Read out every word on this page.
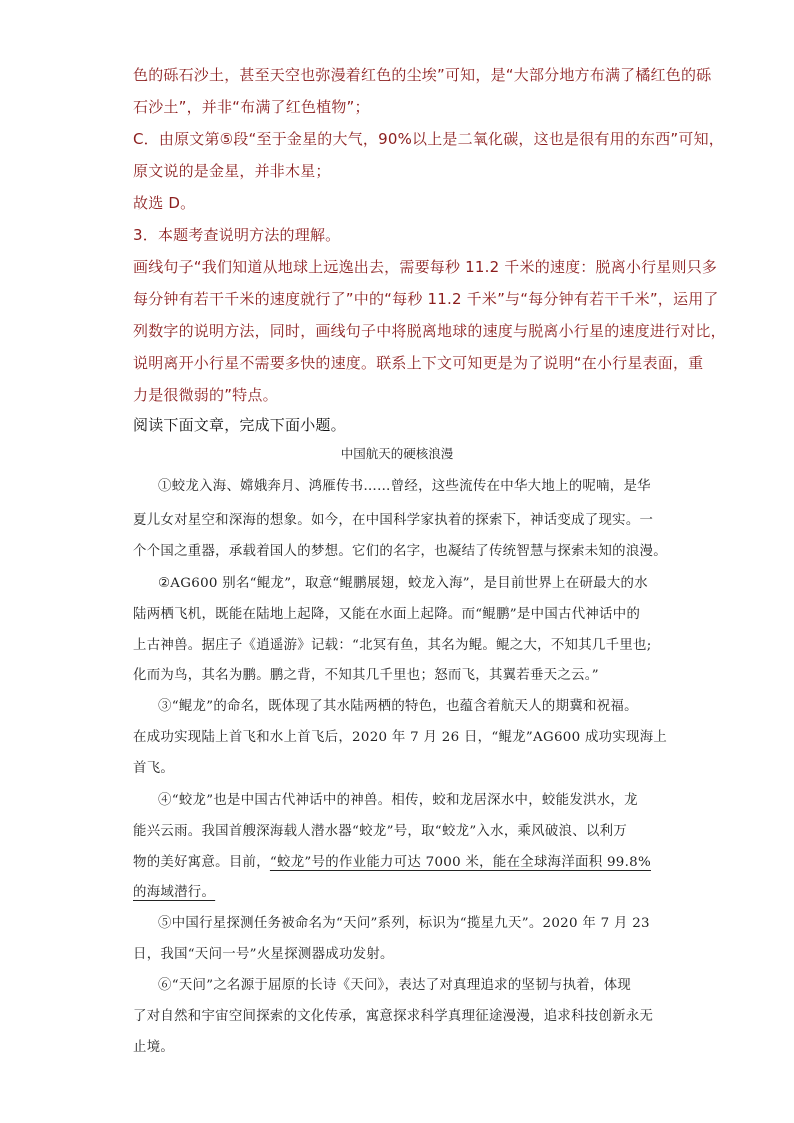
色的砾石沙土，甚至天空也弥漫着红色的尘埃”可知，是“大部分地方布满了橘红色的砾
石沙土”，并非“布满了红色植物”；
C．由原文第⑤段“至于金星的大气，90%以上是二氧化碳，这也是很有用的东西”可知，
原文说的是金星，并非木星；
故选 D。
3．本题考查说明方法的理解。
画线句子“我们知道从地球上远逸出去，需要每秒 11.2 千米的速度：脱离小行星则只多
每分钟有若干千米的速度就行了”中的“每秒 11.2 千米”与“每分钟有若干千米”，运用了
列数字的说明方法，同时，画线句子中将脱离地球的速度与脱离小行星的速度进行对比，
说明离开小行星不需要多快的速度。联系上下文可知更是为了说明“在小行星表面，重
力是很微弱的”特点。
阅读下面文章，完成下面小题。
中国航天的硬核浪漫
①蛟龙入海、嫦娥奔月、鸿雁传书……曾经，这些流传在中华大地上的呢喃，是华
夏儿女对星空和深海的想象。如今，在中国科学家执着的探索下，神话变成了现实。一
个个国之重器，承载着国人的梦想。它们的名字，也凝结了传统智慧与探索未知的浪漫。
②AG600 别名“鲲龙”，取意“鲲鹏展翅，蛟龙入海”，是目前世界上在研最大的水
陆两栖飞机，既能在陆地上起降，又能在水面上起降。而“鲲鹏”是中国古代神话中的
上古神兽。据庄子《逍遥游》记载：“北冥有鱼，其名为鲲。鲲之大，不知其几千里也;
化而为鸟，其名为鹏。鹏之背，不知其几千里也；怒而飞，其翼若垂天之云。”
③“鲲龙”的命名，既体现了其水陆两栖的特色，也蕴含着航天人的期冀和祝福。
在成功实现陆上首飞和水上首飞后，2020 年 7 月 26 日，“鲲龙”AG600 成功实现海上
首飞。
④“蛟龙”也是中国古代神话中的神兽。相传，蛟和龙居深水中，蛟能发洪水，龙
能兴云雨。我国首艘深海载人潜水器“蛟龙”号，取“蛟龙”入水，乘风破浪、以利万
物的美好寓意。目前，“蛟龙”号的作业能力可达 7000 米，能在全球海洋面积 99.8%
的海域潜行。
⑤中国行星探测任务被命名为“天问”系列，标识为“揽星九天”。2020 年 7 月 23
日，我国“天问一号”火星探测器成功发射。
⑥“天问”之名源于屈原的长诗《天问》，表达了对真理追求的坚韧与执着，体现
了对自然和宇宙空间探索的文化传承，寓意探求科学真理征途漫漫，追求科技创新永无
止境。
